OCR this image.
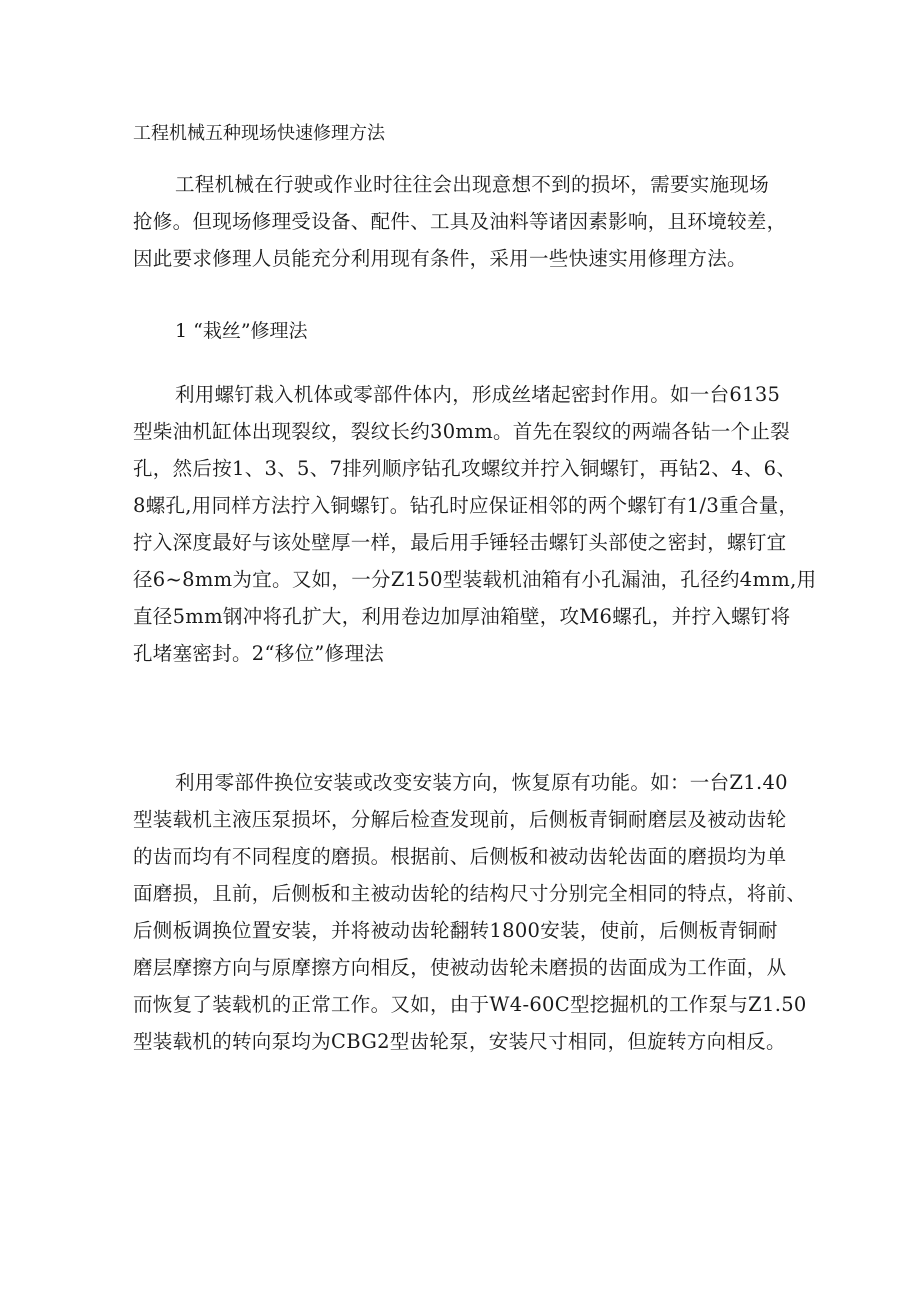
工程机械五种现场快速修理方法
工程机械在行驶或作业时往往会出现意想不到的损坏，需要实施现场
抢修。但现场修理受设备、配件、工具及油料等诸因素影响，且环境较差，
因此要求修理人员能充分利用现有条件，采用一些快速实用修理方法。
1 “栽丝”修理法
利用螺钉栽入机体或零部件体内，形成丝堵起密封作用。如一台6135
型柴油机缸体出现裂纹，裂纹长约30mm。首先在裂纹的两端各钻一个止裂
孔，然后按1、3、5、7排列顺序钻孔攻螺纹并拧入铜螺钉，再钻2、4、6、
8螺孔,用同样方法拧入铜螺钉。钻孔时应保证相邻的两个螺钉有1/3重合量，
拧入深度最好与该处壁厚一样，最后用手锤轻击螺钉头部使之密封，螺钉宜
径6~8mm为宜。又如，一分Z150型装载机油箱有小孔漏油，孔径约4mm,用
直径5mm钢冲将孔扩大，利用卷边加厚油箱壁，攻M6螺孔，并拧入螺钉将
孔堵塞密封。2“移位”修理法
利用零部件换位安装或改变安装方向，恢复原有功能。如：一台Z1.40
型装载机主液压泵损坏，分解后检查发现前，后侧板青铜耐磨层及被动齿轮
的齿而均有不同程度的磨损。根据前、后侧板和被动齿轮齿面的磨损均为单
面磨损，且前，后侧板和主被动齿轮的结构尺寸分别完全相同的特点，将前、
后侧板调换位置安装，并将被动齿轮翻转1800安装，使前，后侧板青铜耐
磨层摩擦方向与原摩擦方向相反，使被动齿轮未磨损的齿面成为工作面，从
而恢复了装载机的正常工作。又如，由于W4-60C型挖掘机的工作泵与Z1.50
型装载机的转向泵均为CBG2型齿轮泵，安装尺寸相同，但旋转方向相反。
